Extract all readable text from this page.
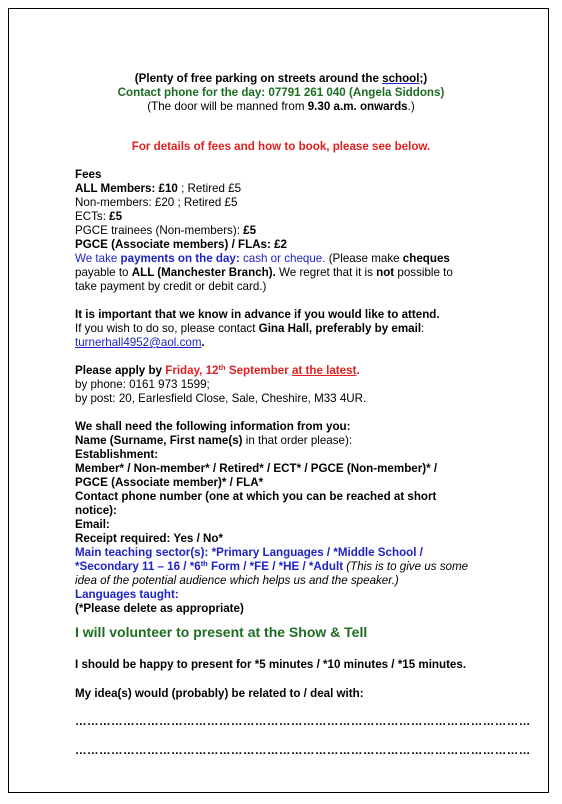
(Plenty of free parking on streets around the school;)
Contact phone for the day: 07791 261 040 (Angela Siddons)
(The door will be manned from 9.30 a.m. onwards.)
For details of fees and how to book, please see below.
Fees
ALL Members: £10 ; Retired £5
Non-members: £20 ; Retired £5
ECTs: £5
PGCE trainees (Non-members): £5
PGCE (Associate members) / FLAs: £2
We take payments on the day: cash or cheque. (Please make cheques
payable to ALL (Manchester Branch). We regret that it is not possible to
take payment by credit or debit card.)
It is important that we know in advance if you would like to attend.
If you wish to do so, please contact Gina Hall, preferably by email:
turnerhall4952@aol.com.
Please apply by Friday, 12th September at the latest.
by phone: 0161 973 1599;
by post: 20, Earlesfield Close, Sale, Cheshire, M33 4UR.
We shall need the following information from you:
Name (Surname, First name(s) in that order please):
Establishment:
Member* / Non-member* / Retired* / ECT* / PGCE (Non-member)* /
PGCE (Associate member)* / FLA*
Contact phone number (one at which you can be reached at short
notice):
Email:
Receipt required: Yes / No*
Main teaching sector(s): *Primary Languages / *Middle School /
*Secondary 11 – 16 / *6th Form / *FE / *HE / *Adult (This is to give us some
idea of the potential audience which helps us and the speaker.)
Languages taught:
(*Please delete as appropriate)
I will volunteer to present at the Show & Tell
I should be happy to present for *5 minutes / *10 minutes / *15 minutes.
My idea(s) would (probably) be related to / deal with:
……………………………………………………………………………………………………
……………………………………………………………………………………………………
